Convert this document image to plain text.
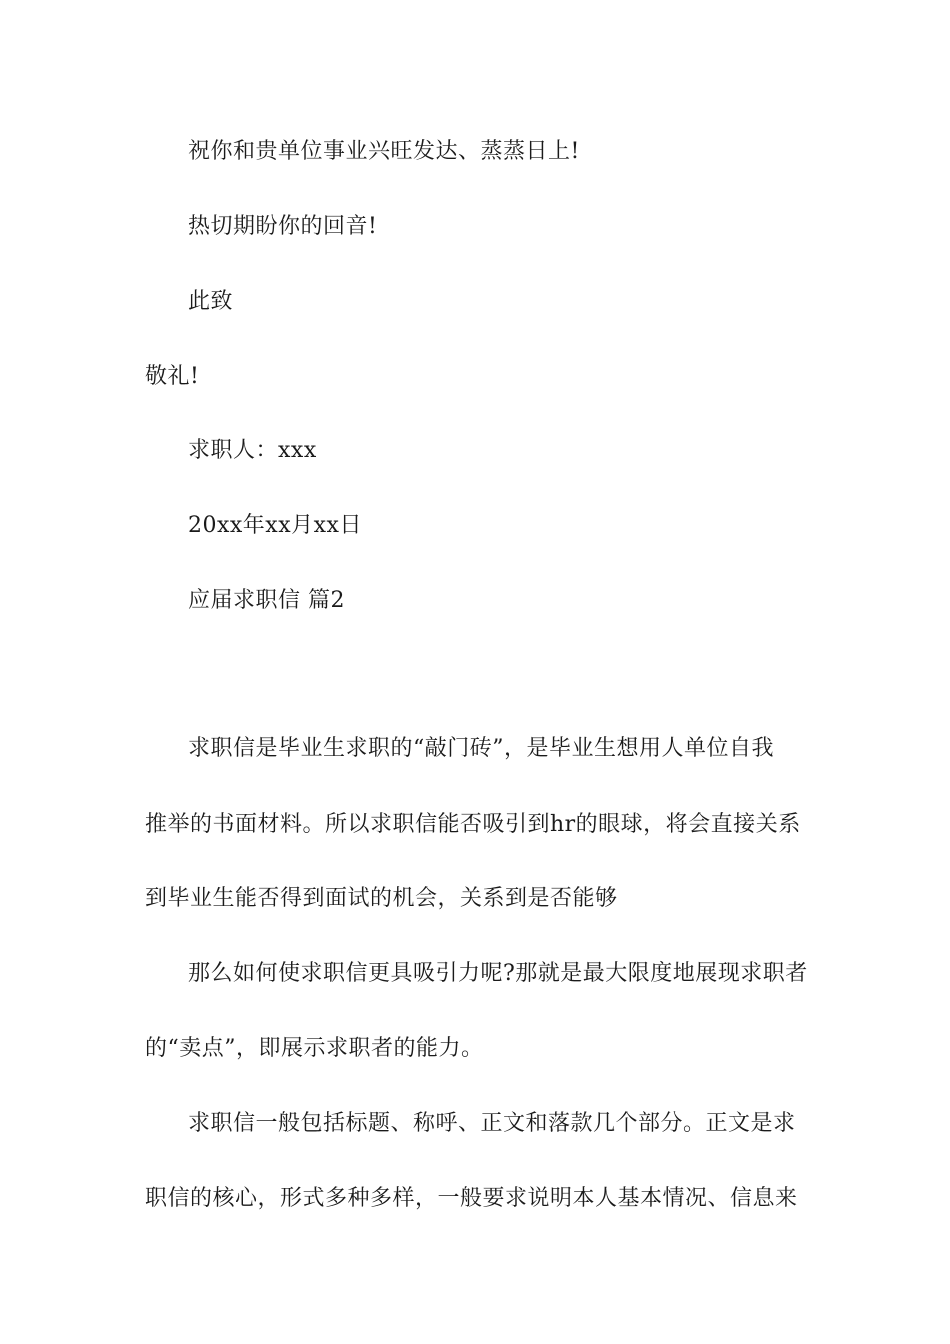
祝你和贵单位事业兴旺发达、蒸蒸日上!
热切期盼你的回音!
此致
敬礼!
求职人：xxx
20xx年xx月xx日
应届求职信 篇2
求职信是毕业生求职的“敲门砖”，是毕业生想用人单位自我
推举的书面材料。所以求职信能否吸引到hr的眼球，将会直接关系
到毕业生能否得到面试的机会，关系到是否能够
那么如何使求职信更具吸引力呢?那就是最大限度地展现求职者
的“卖点”，即展示求职者的能力。
求职信一般包括标题、称呼、正文和落款几个部分。正文是求
职信的核心，形式多种多样，一般要求说明本人基本情况、信息来
